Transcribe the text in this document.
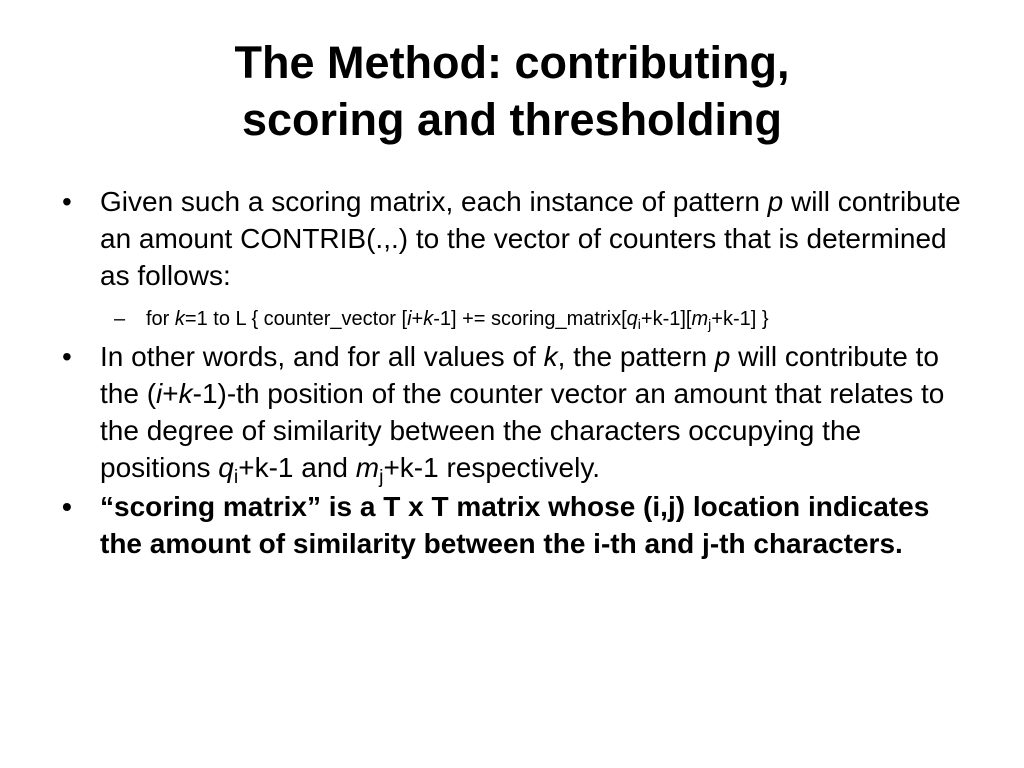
The Method: contributing,
scoring and thresholding
•	Given such a scoring matrix, each instance of pattern p will contribute an amount CONTRIB(.,.) to the vector of counters that is determined as follows:
– for k=1 to L { counter_vector $[i+k-1] += scoring\_matrix[q_i+k-1][m_j+k-1]$ }
•	In other words, and for all values of k, the pattern p will contribute to the (i+k-1)-th position of the counter vector an amount that relates to the degree of similarity between the characters occupying the positions $q_i+k-1$ and $m_j+k-1$ respectively.
•	“scoring matrix” is a T x T matrix whose (i,j) location indicates the amount of similarity between the i-th and j-th characters.
